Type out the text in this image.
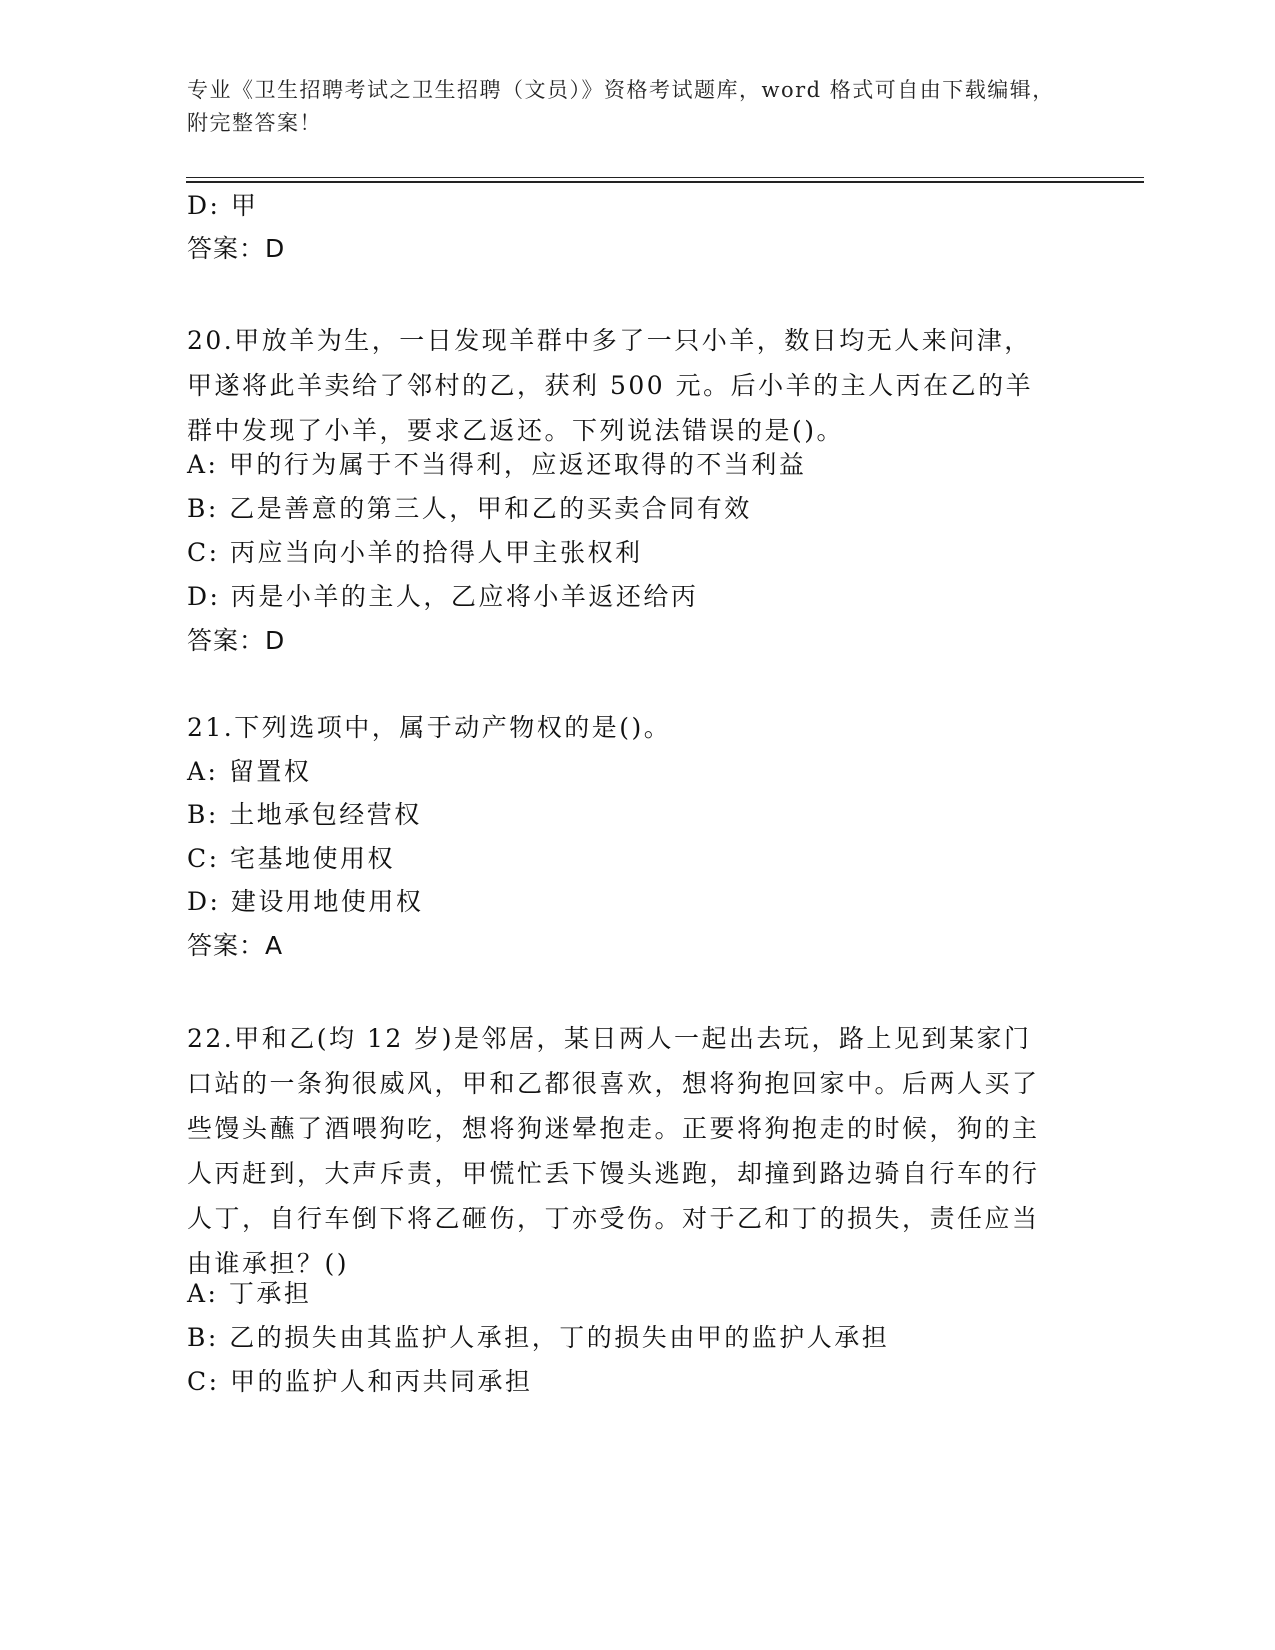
专业《卫生招聘考试之卫生招聘（文员）》资格考试题库，word 格式可自由下载编辑，附完整答案！
D: 甲
答案：D
20.甲放羊为生，一日发现羊群中多了一只小羊，数日均无人来问津，甲遂将此羊卖给了邻村的乙，获利 500 元。后小羊的主人丙在乙的羊群中发现了小羊，要求乙返还。下列说法错误的是()。
A: 甲的行为属于不当得利，应返还取得的不当利益
B: 乙是善意的第三人，甲和乙的买卖合同有效
C: 丙应当向小羊的拾得人甲主张权利
D: 丙是小羊的主人，乙应将小羊返还给丙
答案：D
21.下列选项中，属于动产物权的是()。
A: 留置权
B: 土地承包经营权
C: 宅基地使用权
D: 建设用地使用权
答案：A
22.甲和乙(均 12 岁)是邻居，某日两人一起出去玩，路上见到某家门口站的一条狗很威风，甲和乙都很喜欢，想将狗抱回家中。后两人买了些馒头蘸了酒喂狗吃，想将狗迷晕抱走。正要将狗抱走的时候，狗的主人丙赶到，大声斥责，甲慌忙丢下馒头逃跑，却撞到路边骑自行车的行人丁，自行车倒下将乙砸伤，丁亦受伤。对于乙和丁的损失，责任应当由谁承担？()
A: 丁承担
B: 乙的损失由其监护人承担，丁的损失由甲的监护人承担
C: 甲的监护人和丙共同承担
